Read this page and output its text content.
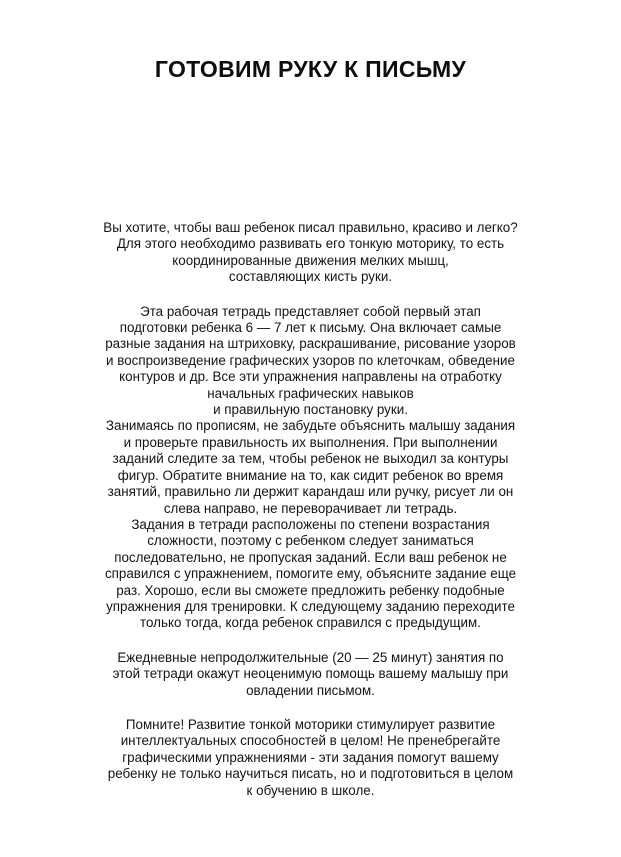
ГОТОВИМ РУКУ К ПИСЬМУ
Вы хотите, чтобы ваш ребенок писал правильно, красиво и легко?
Для этого необходимо развивать его тонкую моторику, то есть
координированные движения мелких мышц,
составляющих кисть руки.
Эта рабочая тетрадь представляет собой первый этап
подготовки ребенка 6 — 7 лет к письму. Она включает самые
разные задания на штриховку, раскрашивание, рисование узоров
и воспроизведение графических узоров по клеточкам, обведение
контуров и др. Все эти упражнения направлены на отработку
начальных графических навыков
и правильную постановку руки.
Занимаясь по прописям, не забудьте объяснить малышу задания
и проверьте правильность их выполнения. При выполнении
заданий следите за тем, чтобы ребенок не выходил за контуры
фигур. Обратите внимание на то, как сидит ребенок во время
занятий, правильно ли держит карандаш или ручку, рисует ли он
слева направо, не переворачивает ли тетрадь.
Задания в тетради расположены по степени возрастания
сложности, поэтому с ребенком следует заниматься
последовательно, не пропуская заданий. Если ваш ребенок не
справился с упражнением, помогите ему, объясните задание еще
раз. Хорошо, если вы сможете предложить ребенку подобные
упражнения для тренировки. К следующему заданию переходите
только тогда, когда ребенок справился с предыдущим.
Ежедневные непродолжительные (20 — 25 минут) занятия по
этой тетради окажут неоценимую помощь вашему малышу при
овладении письмом.
Помните! Развитие тонкой моторики стимулирует развитие
интеллектуальных способностей в целом! Не пренебрегайте
графическими упражнениями - эти задания помогут вашему
ребенку не только научиться писать, но и подготовиться в целом
к обучению в школе.
